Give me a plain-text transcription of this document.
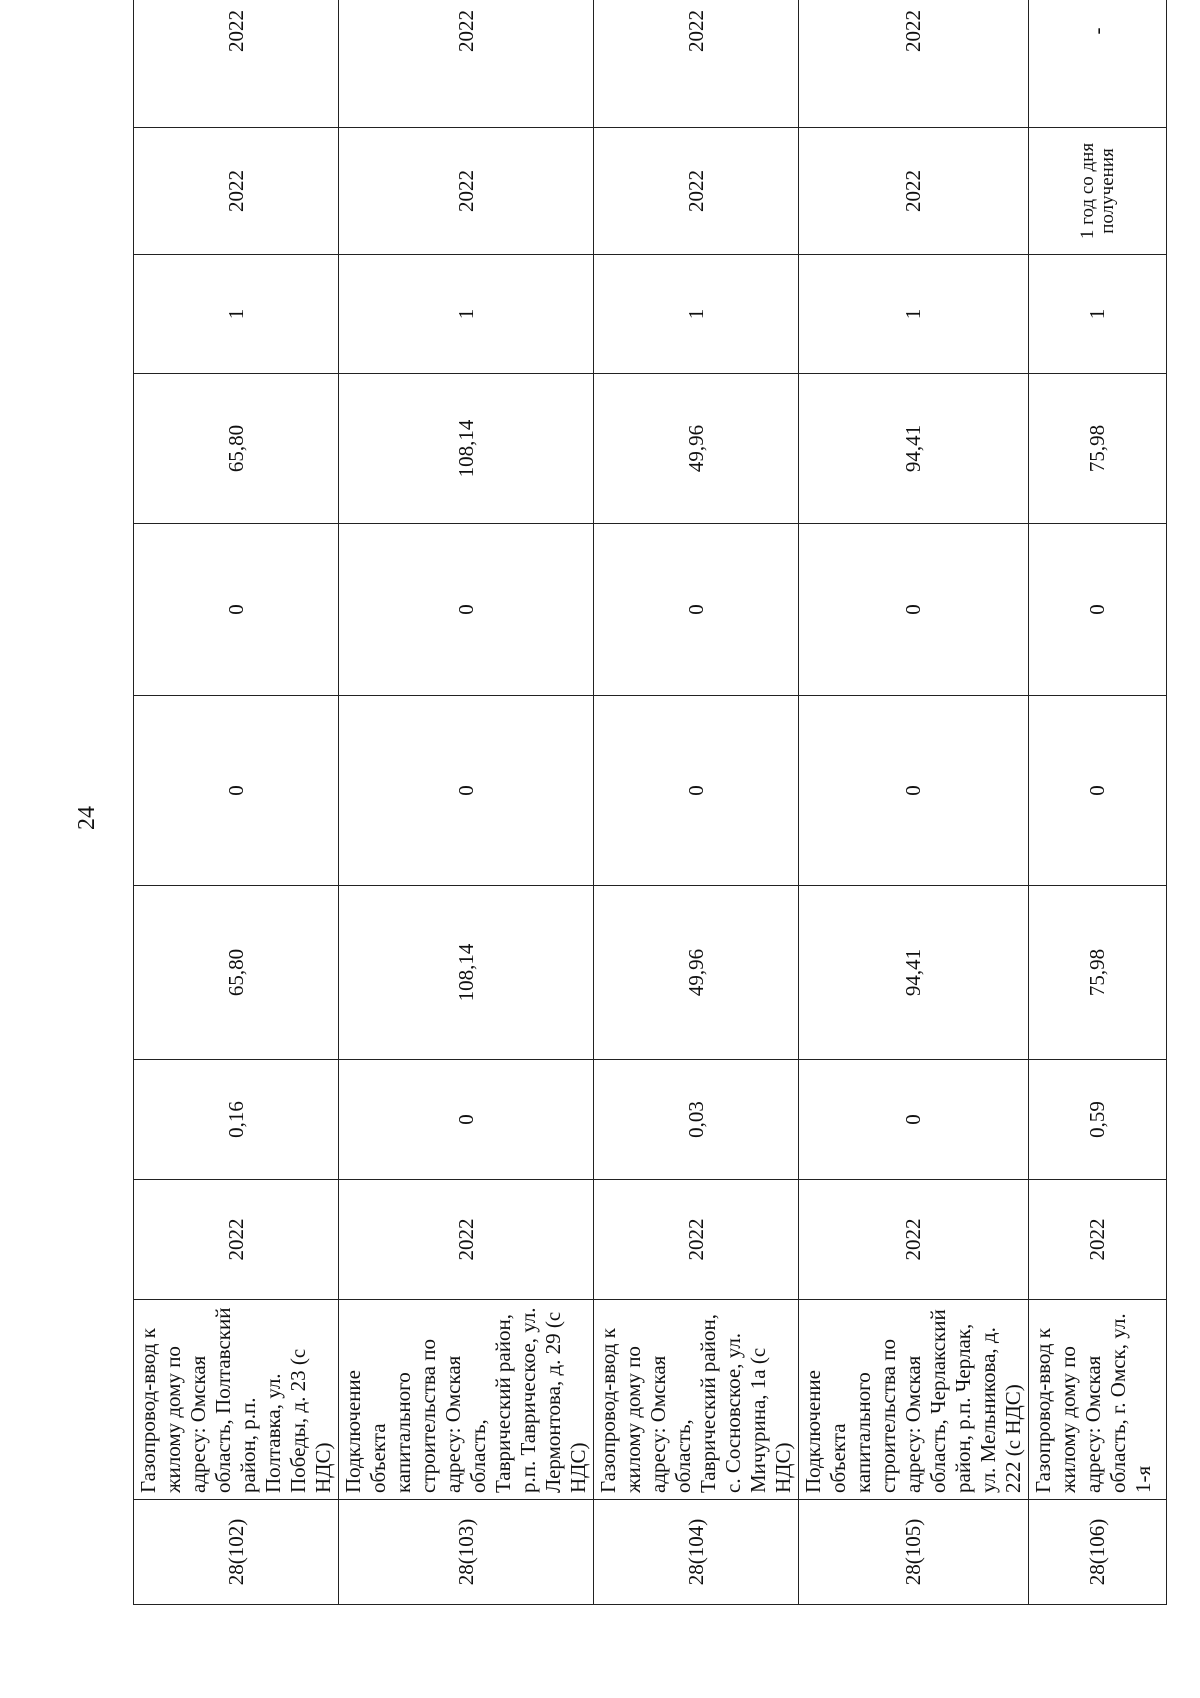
24
28(102)	Газопровод-ввод к жилому дому по адресу: Омская область, Полтавский район, р.п. Полтавка, ул. Победы, д. 23 (с НДС)	2022	0,16	65,80	0	0	65,80	1	2022	2022
28(103)	Подключение объекта капитального строительства по адресу: Омская область, Таврический район, р.п. Таврическое, ул. Лермонтова, д. 29 (с НДС)	2022	0	108,14	0	0	108,14	1	2022	2022
28(104)	Газопровод-ввод к жилому дому по адресу: Омская область, Таврический район, с. Сосновское, ул. Мичурина, 1а (с НДС)	2022	0,03	49,96	0	0	49,96	1	2022	2022
28(105)	Подключение объекта капитального строительства по адресу: Омская область, Черлакский район, р.п. Черлак, ул. Мельникова, д. 222 (с НДС)	2022	0	94,41	0	0	94,41	1	2022	2022
28(106)	Газопровод-ввод к жилому дому по адресу: Омская область, г. Омск, ул. 1-я	2022	0,59	75,98	0	0	75,98	1	1 год со дня получения	-
